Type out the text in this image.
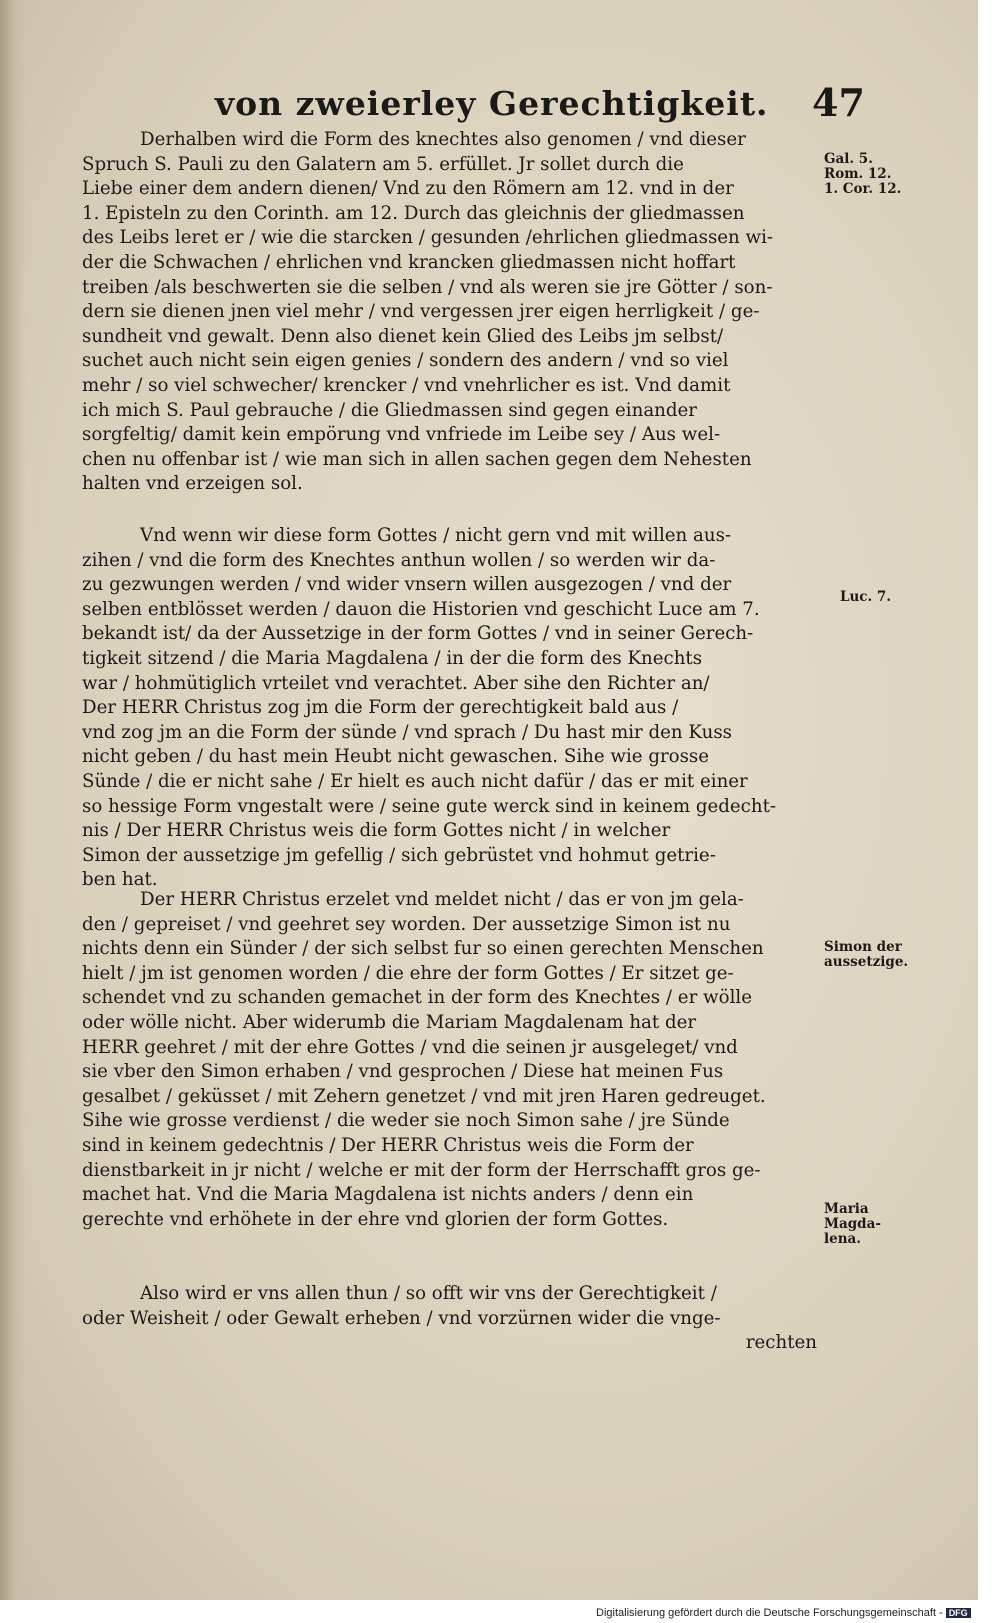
von zweierley Gerechtigkeit. 47
Derhalben wird die Form des knechtes also genomen / vnd dieser
Spruch S. Pauli zu den Galatern am 5. erfüllet. Jr sollet durch die
Liebe einer dem andern dienen/ Vnd zu den Römern am 12. vnd in der
1. Episteln zu den Corinth. am 12. Durch das gleichnis der gliedmassen
des Leibs leret er / wie die starcken / gesunden /ehrlichen gliedmassen wi-
der die Schwachen / ehrlichen vnd krancken gliedmassen nicht hoffart
treiben /als beschwerten sie die selben / vnd als weren sie jre Götter / son-
dern sie dienen jnen viel mehr / vnd vergessen jrer eigen herrligkeit / ge-
sundheit vnd gewalt. Denn also dienet kein Glied des Leibs jm selbst/
suchet auch nicht sein eigen genies / sondern des andern / vnd so viel
mehr / so viel schwecher/ krencker / vnd vnehrlicher es ist. Vnd damit
ich mich S. Paul gebrauche / die Gliedmassen sind gegen einander
sorgfeltig/ damit kein empörung vnd vnfriede im Leibe sey / Aus wel-
chen nu offenbar ist / wie man sich in allen sachen gegen dem Nehesten
halten vnd erzeigen sol.
Vnd wenn wir diese form Gottes / nicht gern vnd mit willen aus-
zihen / vnd die form des Knechtes anthun wollen / so werden wir da-
zu gezwungen werden / vnd wider vnsern willen ausgezogen / vnd der
selben entblösset werden / dauon die Historien vnd geschicht Luce am 7.
bekandt ist/ da der Aussetzige in der form Gottes / vnd in seiner Gerech-
tigkeit sitzend / die Maria Magdalena / in der die form des Knechts
war / hohmütiglich vrteilet vnd verachtet. Aber sihe den Richter an/
Der HERR Christus zog jm die Form der gerechtigkeit bald aus /
vnd zog jm an die Form der sünde / vnd sprach / Du hast mir den Kuss
nicht geben / du hast mein Heubt nicht gewaschen. Sihe wie grosse
Sünde / die er nicht sahe / Er hielt es auch nicht dafür / das er mit einer
so hessige Form vngestalt were / seine gute werck sind in keinem gedecht-
nis / Der HERR Christus weis die form Gottes nicht / in welcher
Simon der aussetzige jm gefellig / sich gebrüstet vnd hohmut getrie-
ben hat.
Der HERR Christus erzelet vnd meldet nicht / das er von jm gela-
den / gepreiset / vnd geehret sey worden. Der aussetzige Simon ist nu
nichts denn ein Sünder / der sich selbst fur so einen gerechten Menschen
hielt / jm ist genomen worden / die ehre der form Gottes / Er sitzet ge-
schendet vnd zu schanden gemachet in der form des Knechtes / er wölle
oder wölle nicht. Aber widerumb die Mariam Magdalenam hat der
HERR geehret / mit der ehre Gottes / vnd die seinen jr ausgeleget/ vnd
sie vber den Simon erhaben / vnd gesprochen / Diese hat meinen Fus
gesalbet / geküsset / mit Zehern genetzet / vnd mit jren Haren gedreuget.
Sihe wie grosse verdienst / die weder sie noch Simon sahe / jre Sünde
sind in keinem gedechtnis / Der HERR Christus weis die Form der
dienstbarkeit in jr nicht / welche er mit der form der Herrschafft gros ge-
machet hat. Vnd die Maria Magdalena ist nichts anders / denn ein
gerechte vnd erhöhete in der ehre vnd glorien der form Gottes.
Also wird er vns allen thun / so offt wir vns der Gerechtigkeit /
oder Weisheit / oder Gewalt erheben / vnd vorzürnen wider die vnge-
rechten
Gal. 5.
Rom. 12.
1. Cor. 12.
Luc. 7.
Simon der
aussetzige.
Maria
Magda-
lena.
Digitalisierung gefördert durch die Deutsche Forschungsgemeinschaft - DFG
